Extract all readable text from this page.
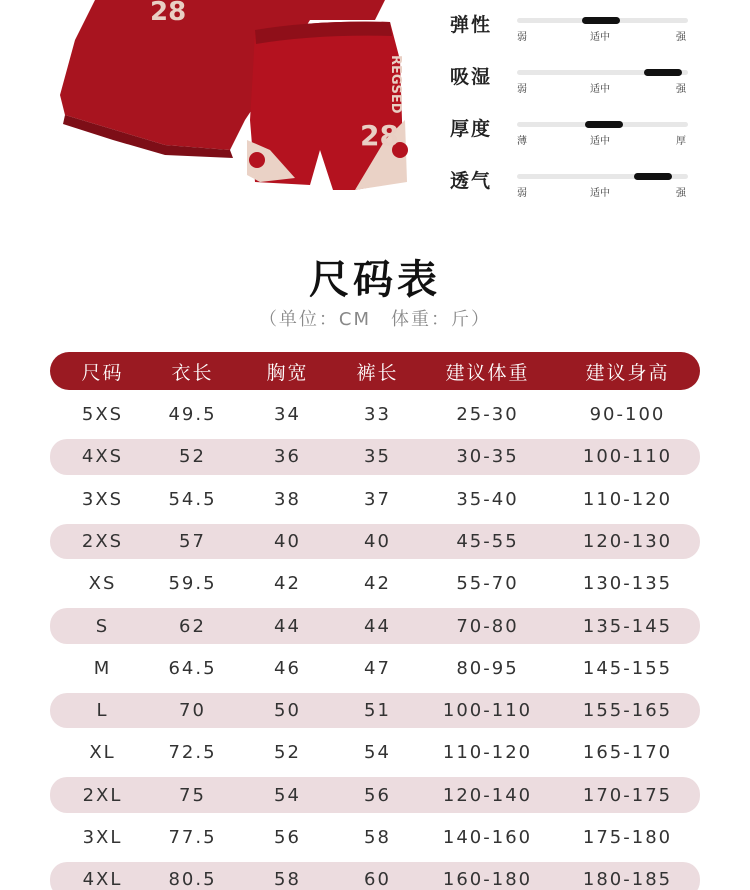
28
28
REGSED
弹性
弱	适中	强
吸湿
弱	适中	强
厚度
薄	适中	厚
透气
弱	适中	强
尺码表
（单位：CM　体重：斤）
尺码	衣长	胸宽	裤长	建议体重	建议身高
5XS	49.5	34	33	25-30	90-100
4XS	52	36	35	30-35	100-110
3XS	54.5	38	37	35-40	110-120
2XS	57	40	40	45-55	120-130
XS	59.5	42	42	55-70	130-135
S	62	44	44	70-80	135-145
M	64.5	46	47	80-95	145-155
L	70	50	51	100-110	155-165
XL	72.5	52	54	110-120	165-170
2XL	75	54	56	120-140	170-175
3XL	77.5	56	58	140-160	175-180
4XL	80.5	58	60	160-180	180-185
